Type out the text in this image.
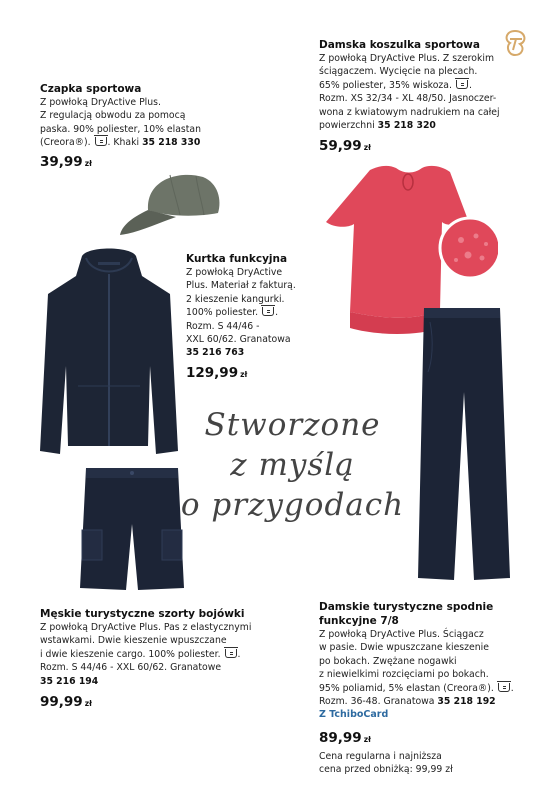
Czapka sportowa
Z powłoką DryActive Plus.
Z regulacją obwodu za pomocą
paska. 90% poliester, 10% elastan
(Creora®). . Khaki 35 218 330
39,99 zł
Damska koszulka sportowa
Z powłoką DryActive Plus. Z szerokim
ściągaczem. Wycięcie na plecach.
65% poliester, 35% wiskoza. .
Rozm. XS 32/34 - XL 48/50. Jasnoczer-
wona z kwiatowym nadrukiem na całej
powierzchni 35 218 320
59,99 zł
Kurtka funkcyjna
Z powłoką DryActive
Plus. Materiał z fakturą.
2 kieszenie kangurki.
100% poliester. .
Rozm. S 44/46 -
XXL 60/62. Granatowa
35 216 763
129,99 zł
Stworzone
z myślą
o przygodach
Męskie turystyczne szorty bojówki
Z powłoką DryActive Plus. Pas z elastycznymi
wstawkami. Dwie kieszenie wpuszczane
i dwie kieszenie cargo. 100% poliester. .
Rozm. S 44/46 - XXL 60/62. Granatowe
35 216 194
99,99 zł
Damskie turystyczne spodnie
funkcyjne 7/8
Z powłoką DryActive Plus. Ściągacz
w pasie. Dwie wpuszczane kieszenie
po bokach. Zwężane nogawki
z niewielkimi rozcięciami po bokach.
95% poliamid, 5% elastan (Creora®). .
Rozm. 36-48. Granatowa 35 218 192
Z TchiboCard
89,99 zł
Cena regularna i najniższa
cena przed obniżką: 99,99 zł
